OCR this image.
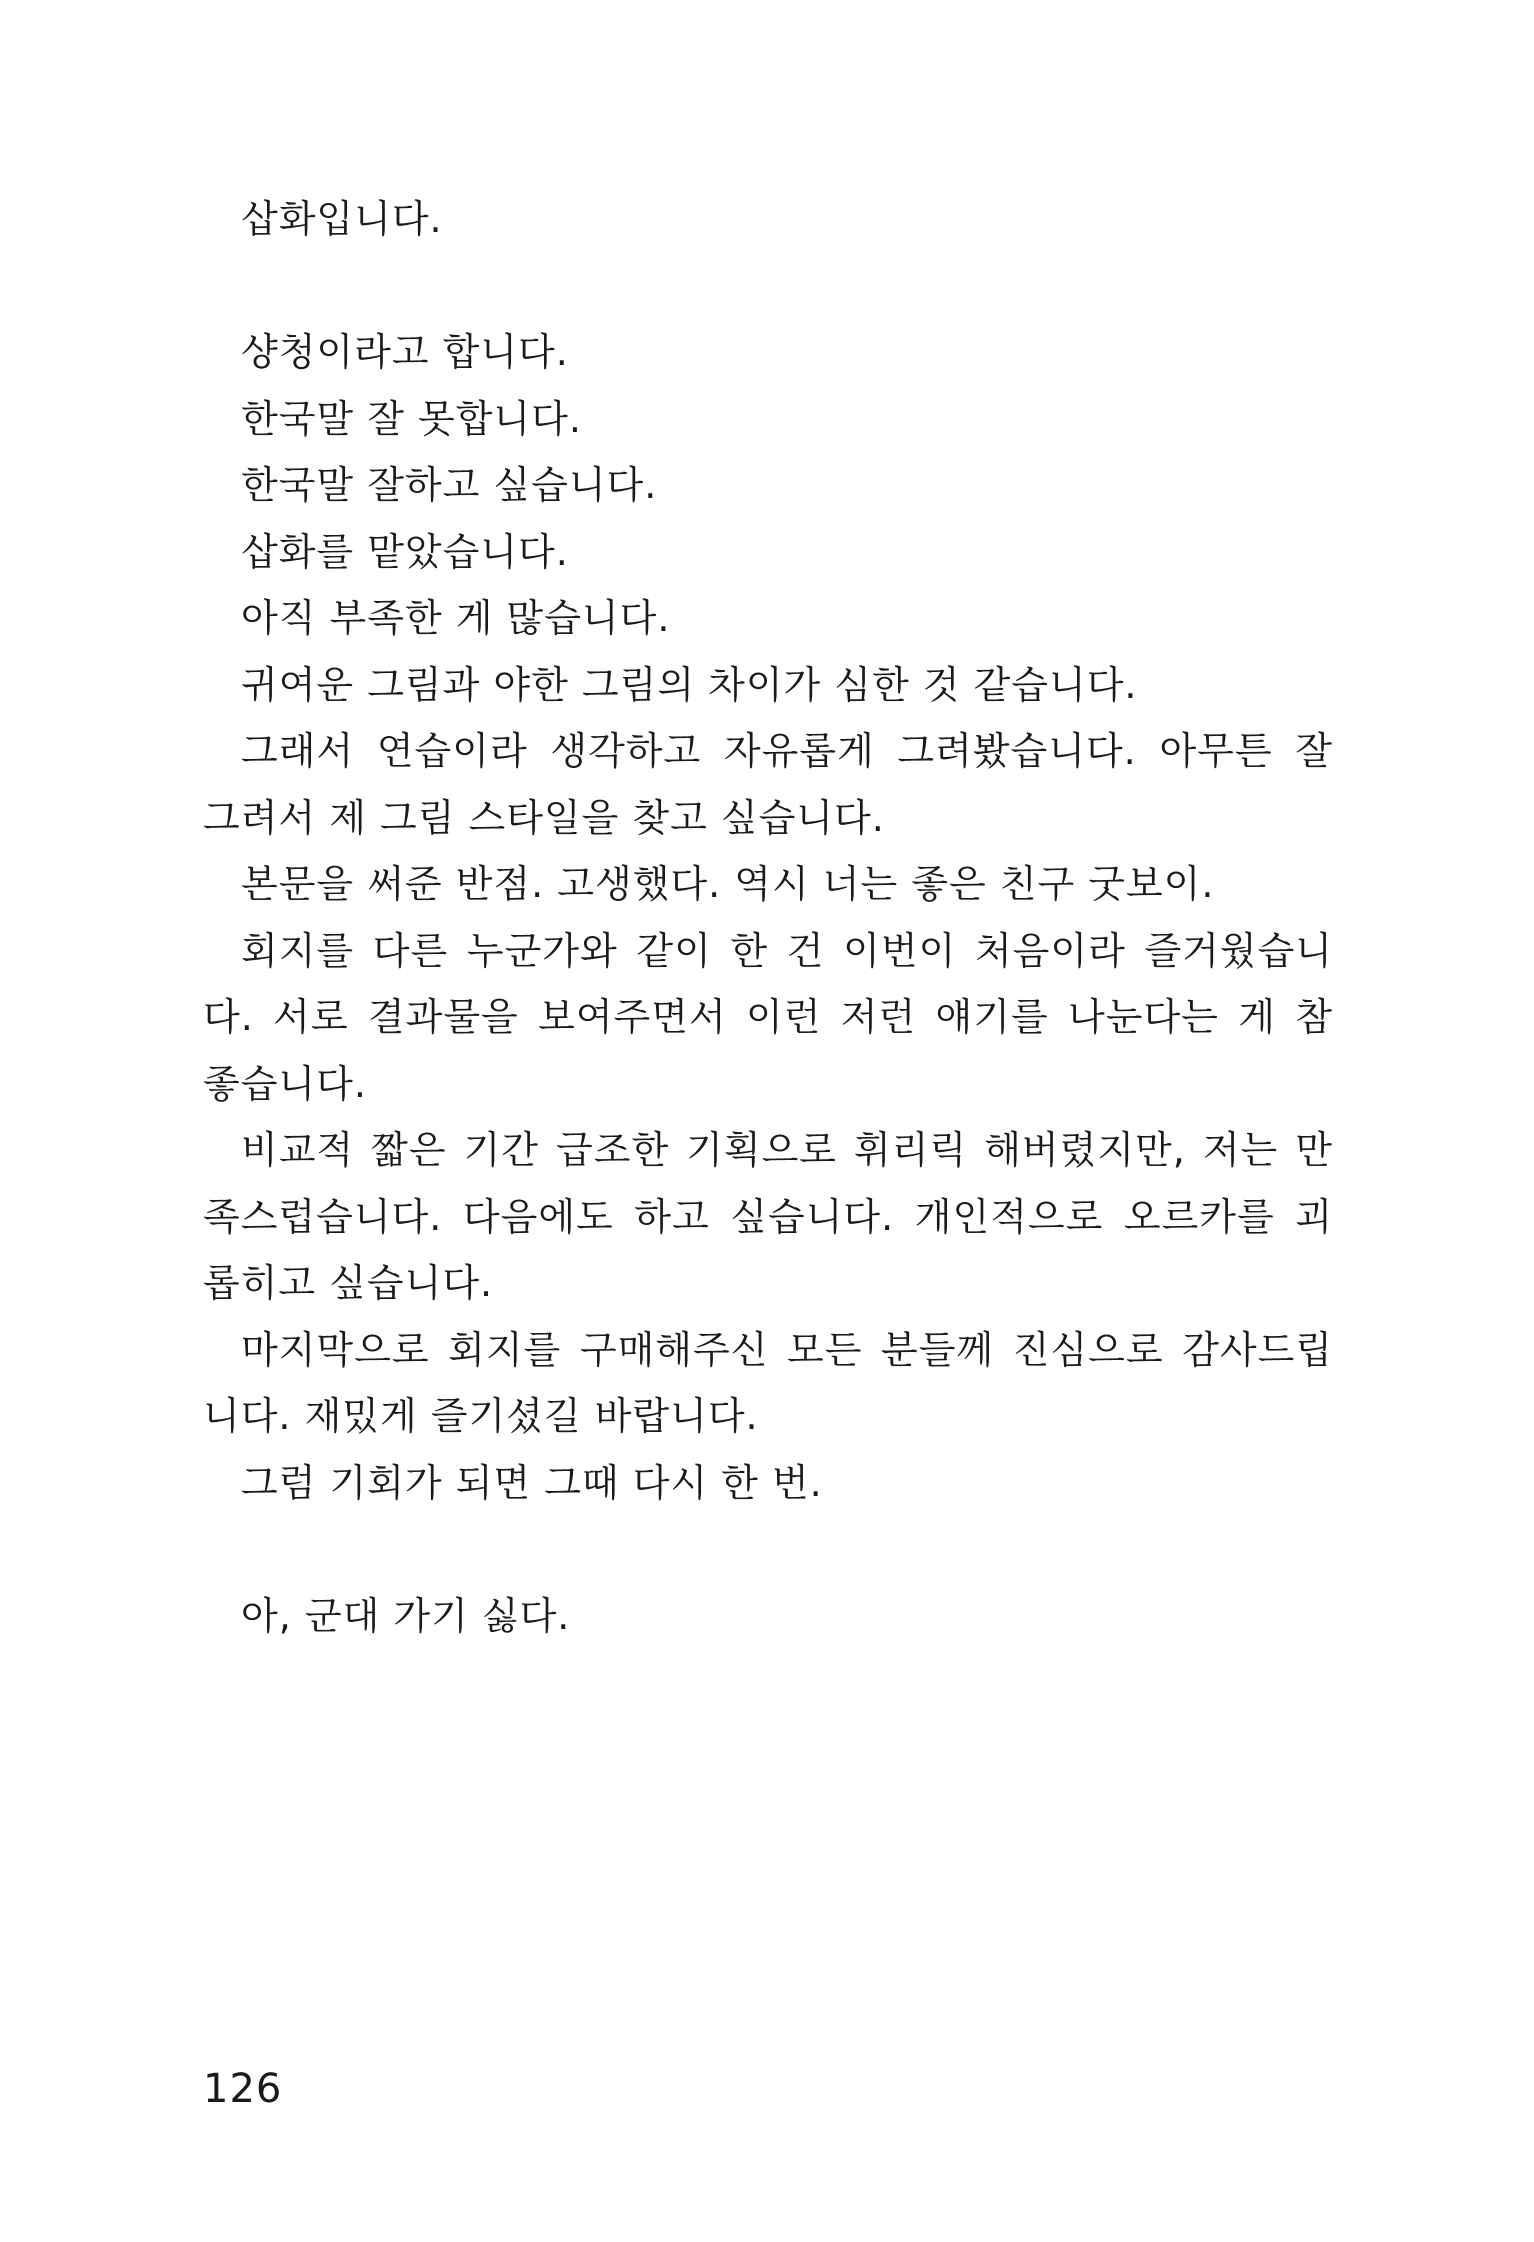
삽화입니다.
샹청이라고 합니다.
한국말 잘 못합니다.
한국말 잘하고 싶습니다.
삽화를 맡았습니다.
아직 부족한 게 많습니다.
귀여운 그림과 야한 그림의 차이가 심한 것 같습니다.
그래서 연습이라 생각하고 자유롭게 그려봤습니다. 아무튼 잘
그려서 제 그림 스타일을 찾고 싶습니다.
본문을 써준 반점. 고생했다. 역시 너는 좋은 친구 굿보이.
회지를 다른 누군가와 같이 한 건 이번이 처음이라 즐거웠습니
다. 서로 결과물을 보여주면서 이런 저런 얘기를 나눈다는 게 참
좋습니다.
비교적 짧은 기간 급조한 기획으로 휘리릭 해버렸지만, 저는 만
족스럽습니다. 다음에도 하고 싶습니다. 개인적으로 오르카를 괴
롭히고 싶습니다.
마지막으로 회지를 구매해주신 모든 분들께 진심으로 감사드립
니다. 재밌게 즐기셨길 바랍니다.
그럼 기회가 되면 그때 다시 한 번.
아, 군대 가기 싫다.
126
